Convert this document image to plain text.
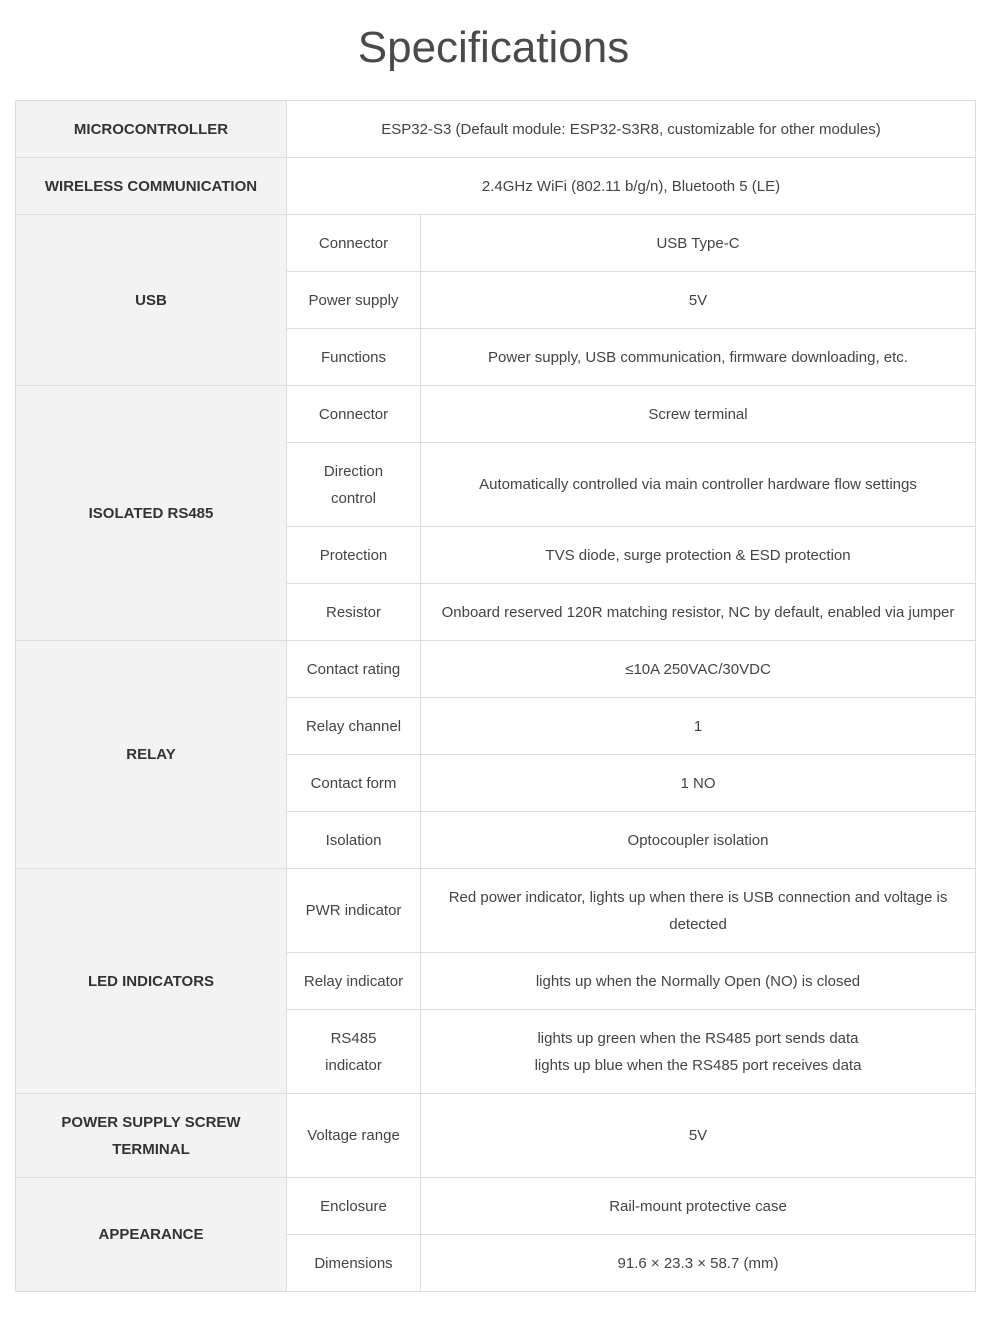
Specifications
MICROCONTROLLER	ESP32-S3 (Default module: ESP32-S3R8, customizable for other modules)	
WIRELESS COMMUNICATION	2.4GHz WiFi (802.11 b/g/n), Bluetooth 5 (LE)	
USB	Connector	USB Type-C
	Power supply	5V
	Functions	Power supply, USB communication, firmware downloading, etc.
ISOLATED RS485	Connector	Screw terminal
	Direction control	Automatically controlled via main controller hardware flow settings
	Protection	TVS diode, surge protection & ESD protection
	Resistor	Onboard reserved 120R matching resistor, NC by default, enabled via jumper
RELAY	Contact rating	≤10A 250VAC/30VDC
	Relay channel	1
	Contact form	1 NO
	Isolation	Optocoupler isolation
LED INDICATORS	PWR indicator	Red power indicator, lights up when there is USB connection and voltage is detected
	Relay indicator	lights up when the Normally Open (NO) is closed
	RS485 indicator	lights up green when the RS485 port sends data
lights up blue when the RS485 port receives data

POWER SUPPLY SCREW TERMINAL	Voltage range	5V
APPEARANCE	Enclosure	Rail-mount protective case
	Dimensions	91.6 × 23.3 × 58.7 (mm)
